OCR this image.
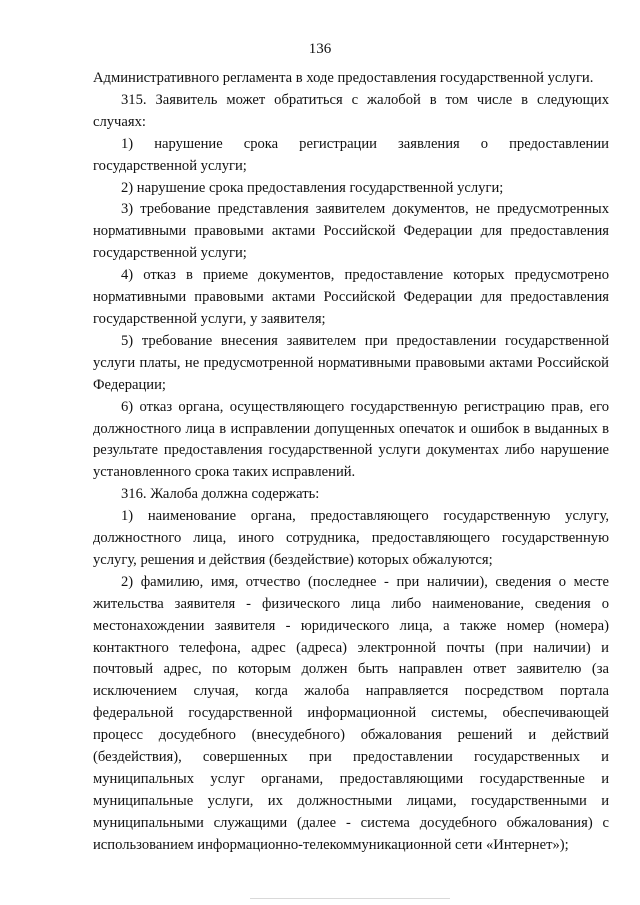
136

Административного регламента в ходе предоставления государственной услуги.

315. Заявитель может обратиться с жалобой в том числе в следующих случаях:

1) нарушение срока регистрации заявления о предоставлении государственной услуги;

2) нарушение срока предоставления государственной услуги;

3) требование представления заявителем документов, не предусмотренных нормативными правовыми актами Российской Федерации для предоставления государственной услуги;

4) отказ в приеме документов, предоставление которых предусмотрено нормативными правовыми актами Российской Федерации для предоставления государственной услуги, у заявителя;

5) требование внесения заявителем при предоставлении государственной услуги платы, не предусмотренной нормативными правовыми актами Российской Федерации;

6) отказ органа, осуществляющего государственную регистрацию прав, его должностного лица в исправлении допущенных опечаток и ошибок в выданных в результате предоставления государственной услуги документах либо нарушение установленного срока таких исправлений.

316. Жалоба должна содержать:

1) наименование органа, предоставляющего государственную услугу, должностного лица, иного сотрудника, предоставляющего государственную услугу, решения и действия (бездействие) которых обжалуются;

2) фамилию, имя, отчество (последнее - при наличии), сведения о месте жительства заявителя - физического лица либо наименование, сведения о местонахождении заявителя - юридического лица, а также номер (номера) контактного телефона, адрес (адреса) электронной почты (при наличии) и почтовый адрес, по которым должен быть направлен ответ заявителю (за исключением случая, когда жалоба направляется посредством портала федеральной государственной информационной системы, обеспечивающей процесс досудебного (внесудебного) обжалования решений и действий (бездействия), совершенных при предоставлении государственных и муниципальных услуг органами, предоставляющими государственные и муниципальные услуги, их должностными лицами, государственными и муниципальными служащими (далее - система досудебного обжалования) с использованием информационно-телекоммуникационной сети «Интернет»);
